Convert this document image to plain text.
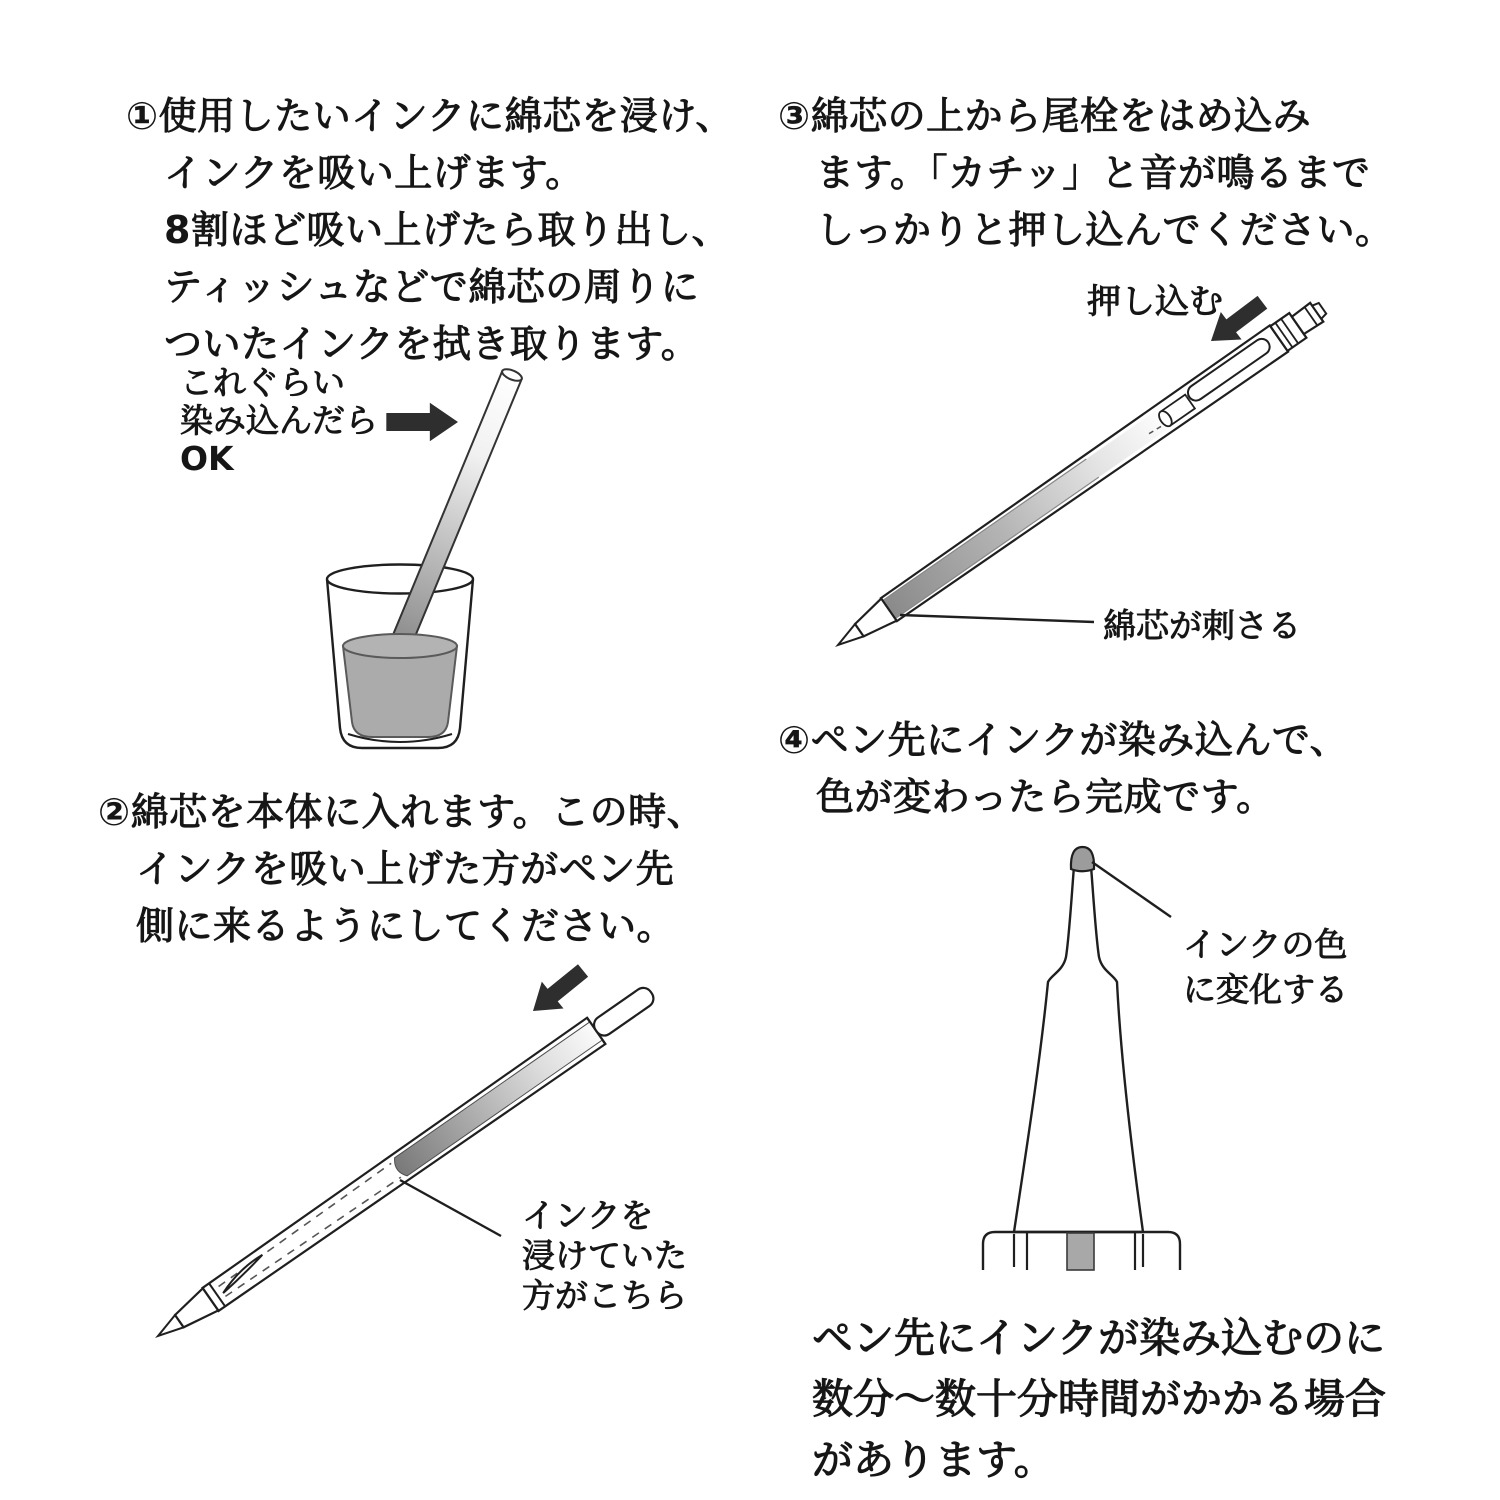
①使用したいインクに綿芯を浸け、
インクを吸い上げます。
8割ほど吸い上げたら取り出し、
ティッシュなどで綿芯の周りに
ついたインクを拭き取ります。
これぐらい
染み込んだら
OK
②綿芯を本体に入れます。この時、
インクを吸い上げた方がペン先
側に来るようにしてください。
インクを
浸けていた
方がこちら
③綿芯の上から尾栓をはめ込み
ます。「カチッ」と音が鳴るまで
しっかりと押し込んでください。
押し込む
綿芯が刺さる
④ペン先にインクが染み込んで、
色が変わったら完成です。
インクの色
に変化する
ペン先にインクが染み込むのに
数分〜数十分時間がかかる場合
があります。
